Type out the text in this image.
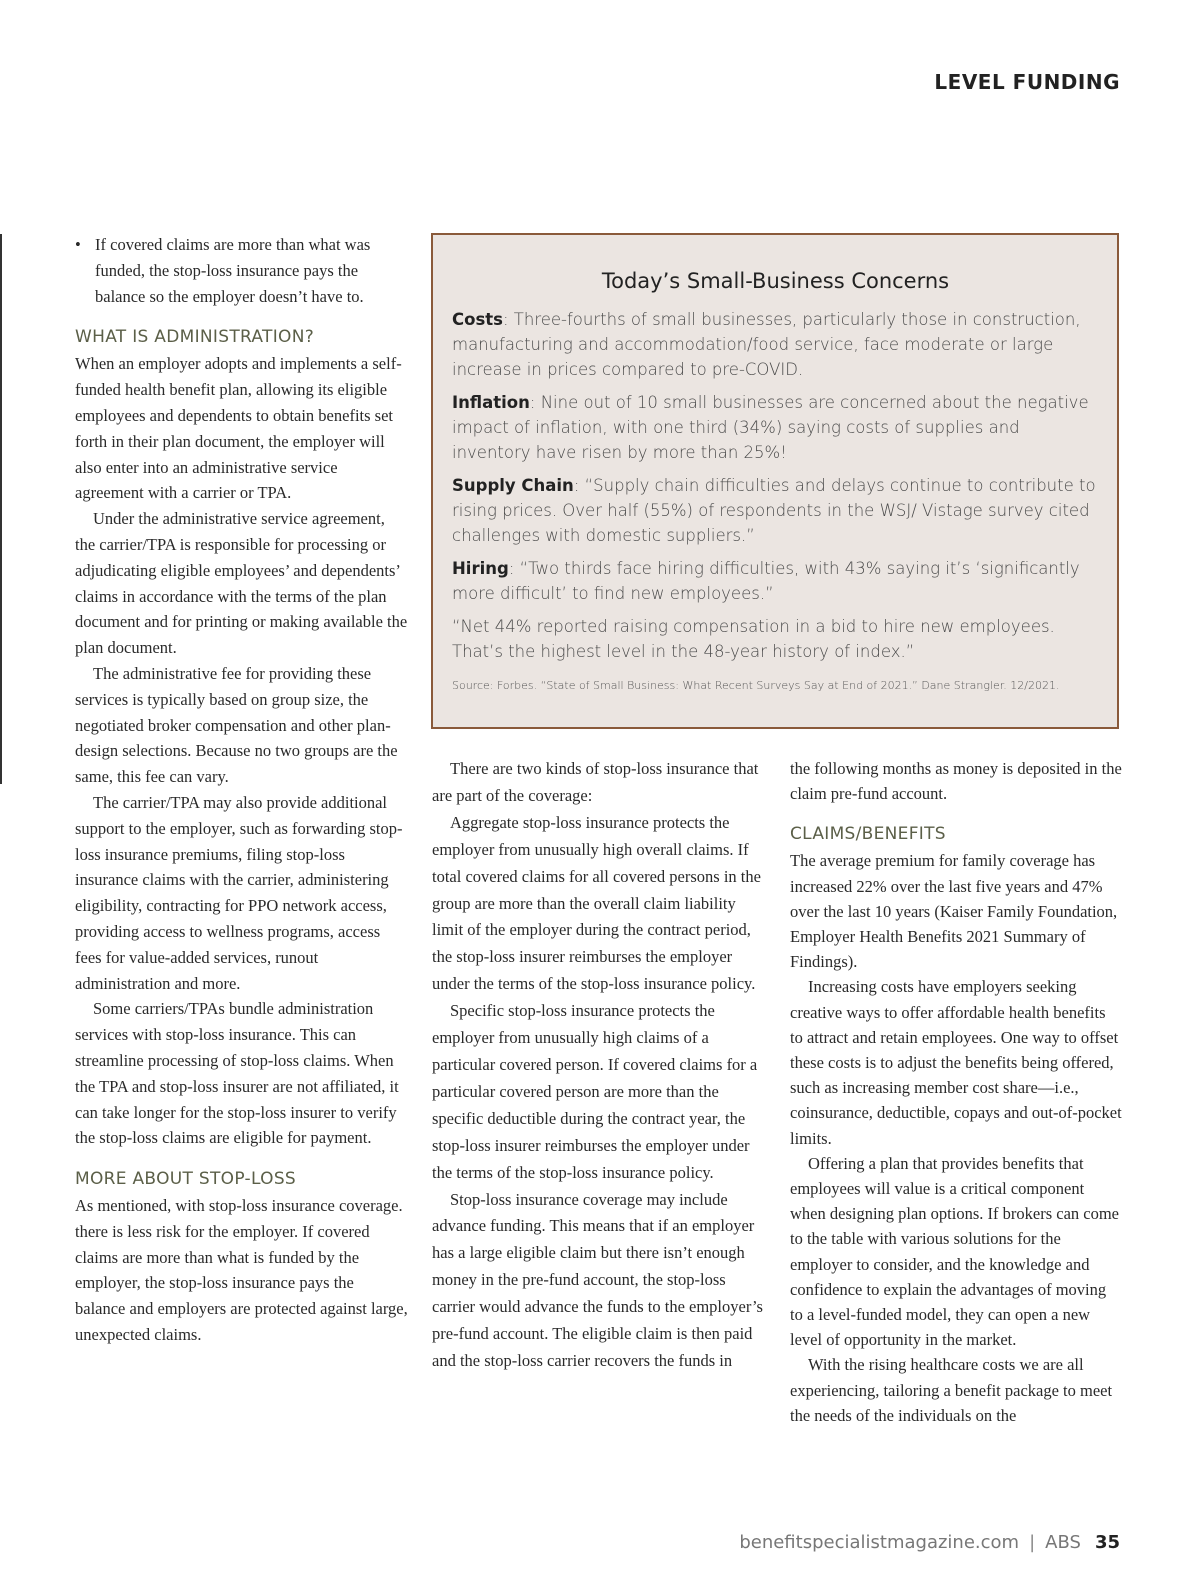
LEVEL FUNDING
• If covered claims are more than what was funded, the stop-loss insurance pays the balance so the employer doesn’t have to.

WHAT IS ADMINISTRATION?

When an employer adopts and implements a self-funded health benefit plan, allowing its eligible employees and dependents to obtain benefits set forth in their plan document, the employer will also enter into an administrative service agreement with a carrier or TPA.

Under the administrative service agreement, the carrier/TPA is responsible for processing or adjudicating eligible employees’ and dependents’ claims in accordance with the terms of the plan document and for printing or making available the plan document.

The administrative fee for providing these services is typically based on group size, the negotiated broker compensation and other plan-design selections. Because no two groups are the same, this fee can vary.

The carrier/TPA may also provide additional support to the employer, such as forwarding stop-loss insurance premiums, filing stop-loss insurance claims with the carrier, administering eligibility, contracting for PPO network access, providing access to wellness programs, access fees for value-added services, runout administration and more.

Some carriers/TPAs bundle administration services with stop-loss insurance. This can streamline processing of stop-loss claims. When the TPA and stop-loss insurer are not affiliated, it can take longer for the stop-loss insurer to verify the stop-loss claims are eligible for payment.

MORE ABOUT STOP-LOSS

As mentioned, with stop-loss insurance coverage. there is less risk for the employer. If covered claims are more than what is funded by the employer, the stop-loss insurance pays the balance and employers are protected against large, unexpected claims.

Today’s Small-Business Concerns

Costs: Three-fourths of small businesses, particularly those in construction, manufacturing and accommodation/food service, face moderate or large increase in prices compared to pre-COVID.

Inflation: Nine out of 10 small businesses are concerned about the negative impact of inflation, with one third (34%) saying costs of supplies and inventory have risen by more than 25%!

Supply Chain: “Supply chain difficulties and delays continue to contribute to rising prices. Over half (55%) of respondents in the WSJ/ Vistage survey cited challenges with domestic suppliers.”

Hiring: “Two thirds face hiring difficulties, with 43% saying it’s ‘significantly more difficult’ to find new employees.”

“Net 44% reported raising compensation in a bid to hire new employees. That’s the highest level in the 48-year history of index.”

Source: Forbes. “State of Small Business: What Recent Surveys Say at End of 2021.” Dane Strangler. 12/2021.

There are two kinds of stop-loss insurance that are part of the coverage:

Aggregate stop-loss insurance protects the employer from unusually high overall claims. If total covered claims for all covered persons in the group are more than the overall claim liability limit of the employer during the contract period, the stop-loss insurer reimburses the employer under the terms of the stop-loss insurance policy.

Specific stop-loss insurance protects the employer from unusually high claims of a particular covered person. If covered claims for a particular covered person are more than the specific deductible during the contract year, the stop-loss insurer reimburses the employer under the terms of the stop-loss insurance policy.

Stop-loss insurance coverage may include advance funding. This means that if an employer has a large eligible claim but there isn’t enough money in the pre-fund account, the stop-loss carrier would advance the funds to the employer’s pre-fund account. The eligible claim is then paid and the stop-loss carrier recovers the funds in

the following months as money is deposited in the claim pre-fund account.

CLAIMS/BENEFITS

The average premium for family coverage has increased 22% over the last five years and 47% over the last 10 years (Kaiser Family Foundation, Employer Health Benefits 2021 Summary of Findings).

Increasing costs have employers seeking creative ways to offer affordable health benefits to attract and retain employees. One way to offset these costs is to adjust the benefits being offered, such as increasing member cost share—i.e., coinsurance, deductible, copays and out-of-pocket limits.

Offering a plan that provides benefits that employees will value is a critical component when designing plan options. If brokers can come to the table with various solutions for the employer to consider, and the knowledge and confidence to explain the advantages of moving to a level-funded model, they can open a new level of opportunity in the market.

With the rising healthcare costs we are all experiencing, tailoring a benefit package to meet the needs of the individuals on the

benefitspecialistmagazine.com | ABS 35
